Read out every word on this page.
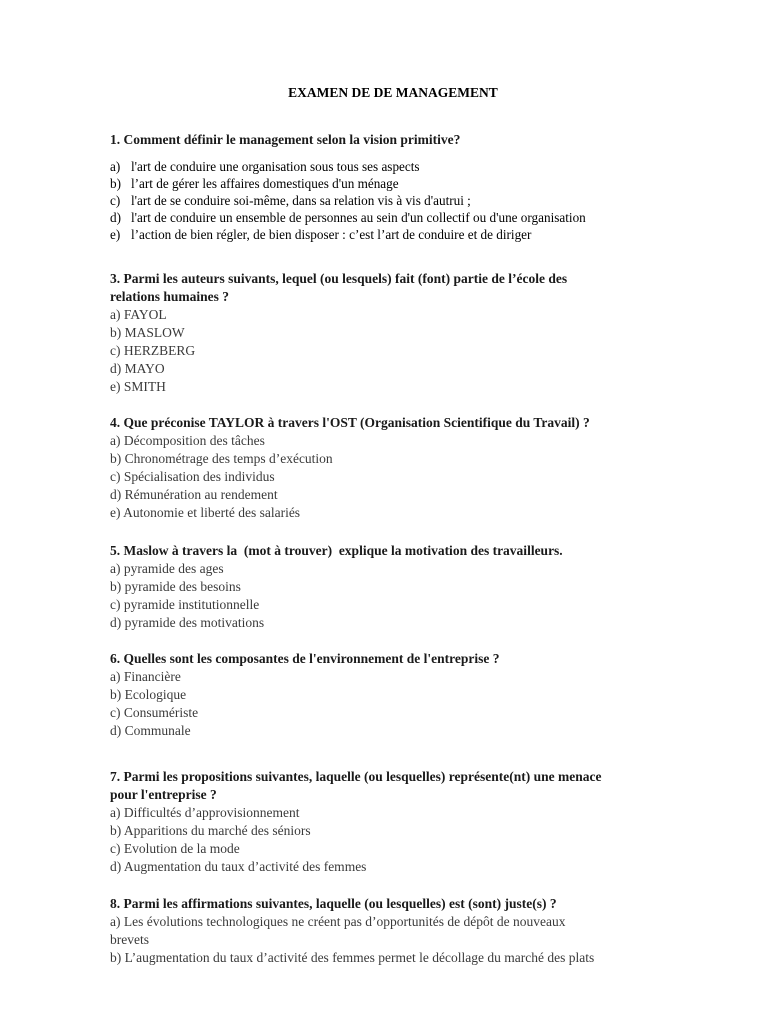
EXAMEN DE DE MANAGEMENT
1. Comment définir le management selon la vision primitive?
a) l'art de conduire une organisation sous tous ses aspects
b) l’art de gérer les affaires domestiques d'un ménage
c) l'art de se conduire soi-même, dans sa relation vis à vis d'autrui ;
d) l'art de conduire un ensemble de personnes au sein d'un collectif ou d'une organisation
e) l’action de bien régler, de bien disposer : c’est l’art de conduire et de diriger
3. Parmi les auteurs suivants, lequel (ou lesquels) fait (font) partie de l’école des
relations humaines ?
a) FAYOL
b) MASLOW
c) HERZBERG
d) MAYO
e) SMITH
4. Que préconise TAYLOR à travers l'OST (Organisation Scientifique du Travail) ?
a) Décomposition des tâches
b) Chronométrage des temps d’exécution
c) Spécialisation des individus
d) Rémunération au rendement
e) Autonomie et liberté des salariés
5. Maslow à travers la  (mot à trouver)  explique la motivation des travailleurs.
a) pyramide des ages
b) pyramide des besoins
c) pyramide institutionnelle
d) pyramide des motivations
6. Quelles sont les composantes de l'environnement de l'entreprise ?
a) Financière
b) Ecologique
c) Consumériste
d) Communale
7. Parmi les propositions suivantes, laquelle (ou lesquelles) représente(nt) une menace
pour l'entreprise ?
a) Difficultés d’approvisionnement
b) Apparitions du marché des séniors
c) Evolution de la mode
d) Augmentation du taux d’activité des femmes
8. Parmi les affirmations suivantes, laquelle (ou lesquelles) est (sont) juste(s) ?
a) Les évolutions technologiques ne créent pas d’opportunités de dépôt de nouveaux
brevets
b) L’augmentation du taux d’activité des femmes permet le décollage du marché des plats
